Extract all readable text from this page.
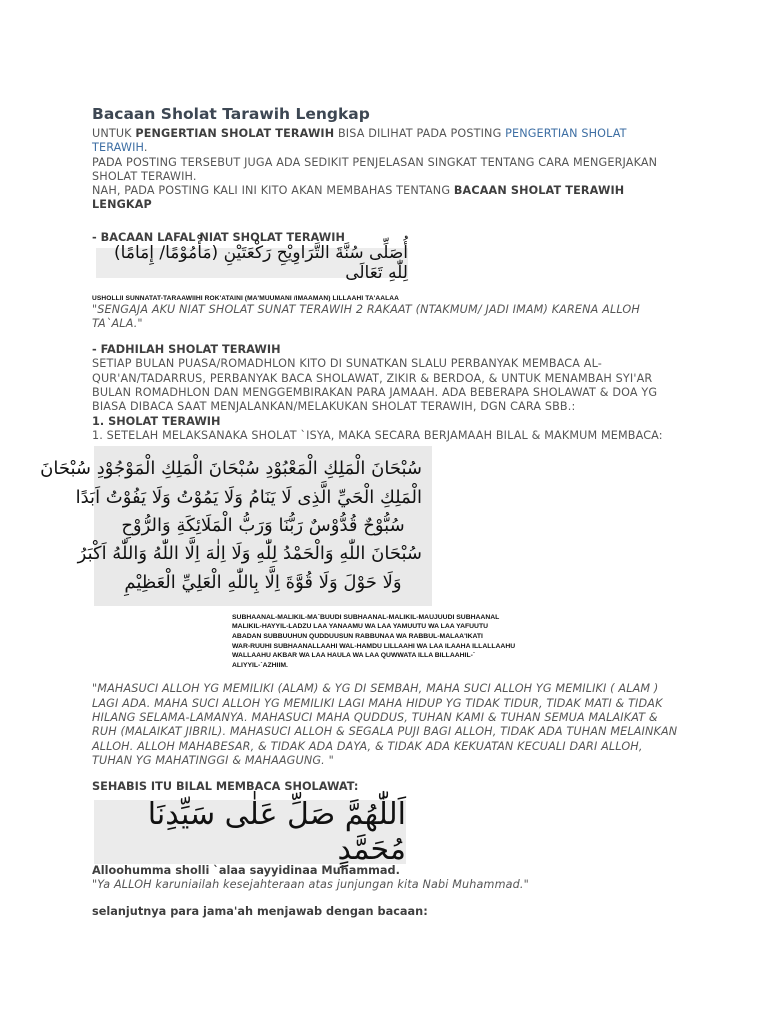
Bacaan Sholat Tarawih Lengkap

UNTUK PENGERTIAN SHOLAT TERAWIH BISA DILIHAT PADA POSTING PENGERTIAN SHOLAT TERAWIH.

PADA POSTING TERSEBUT JUGA ADA SEDIKIT PENJELASAN SINGKAT TENTANG CARA MENGERJAKAN SHOLAT TERAWIH.

NAH, PADA POSTING KALI INI KITO AKAN MEMBAHAS TENTANG BACAAN SHOLAT TERAWIH LENGKAP

- BACAAN LAFAL NIAT SHOLAT TERAWIH

أُصَلِّى سُنَّةَ التَّرَاوِيْحِ رَكْعَتَيْنِ (مَأْمُوْمًا/ إِمَامًا) لِلّٰهِ تَعَالَى
USHOLLII SUNNATAT-TARAAWIIHI ROK'ATAINI (MA'MUUMANI /IMAAMAN) LILLAAHI TA'AALAA

"SENGAJA AKU NIAT SHOLAT SUNAT TERAWIH 2 RAKAAT (NTAKMUM/ JADI IMAM) KARENA ALLOH TA`ALA."

- FADHILAH SHOLAT TERAWIH

SETIAP BULAN PUASA/ROMADHLON KITO DI SUNATKAN SLALU PERBANYAK MEMBACA AL-QUR'AN/TADARRUS, PERBANYAK BACA SHOLAWAT, ZIKIR & BERDOA, & UNTUK MENAMBAH SYI'AR BULAN ROMADHLON DAN MENGGEMBIRAKAN PARA JAMAAH. ADA BEBERAPA SHOLAWAT & DOA YG BIASA DIBACA SAAT MENJALANKAN/MELAKUKAN SHOLAT TERAWIH, DGN CARA SBB.:

1. SHOLAT TERAWIH

1. SETELAH MELAKSANAKA SHOLAT `ISYA, MAKA SECARA BERJAMAAH BILAL & MAKMUM MEMBACA:

سُبْحَانَ الْمَلِكِ الْمَعْبُوْدِ سُبْحَانَ الْمَلِكِ الْمَوْجُوْدِ سُبْحَانَ
الْمَلِكِ الْحَيِّ الَّذِى لَا يَنَامُ وَلَا يَمُوْتُ وَلَا يَفُوْتُ اَبَدًا
سُبُّوْحٌ قُدُّوْسٌ رَبُّنَا وَرَبُّ الْمَلَائِكَةِ وَالرُّوْحِ
سُبْحَانَ اللّٰهِ وَالْحَمْدُ لِلّٰهِ وَلَا اِلٰهَ اِلَّا اللّٰهُ وَاللّٰهُ اَكْبَرُ
وَلَا حَوْلَ وَلَا قُوَّةَ اِلَّا بِاللّٰهِ الْعَلِيِّ الْعَظِيْمِ
SUBHAANAL-MALIKIL-MA`BUUDI SUBHAANAL-MALIKIL-MAUJUUDI SUBHAANAL
MALIKIL-HAYYIL-LADZU LAA YANAAMU WA LAA YAMUUTU WA LAA YAFUUTU
ABADAN SUBBUUHUN QUDDUUSUN RABBUNAA WA RABBUL-MALAA'IKATI
WAR-RUUHI SUBHAANALLAAHI WAL-HAMDU LILLAAHI WA LAA ILAAHA ILLALLAAHU
WALLAAHU AKBAR WA LAA HAULA WA LAA QUWWATA ILLA BILLAAHIL-`
ALIYYIL-`AZHIIM.

"MAHASUCI ALLOH YG MEMILIKI (ALAM) & YG DI SEMBAH, MAHA SUCI ALLOH YG MEMILIKI ( ALAM ) LAGI ADA. MAHA SUCI ALLOH YG MEMILIKI LAGI MAHA HIDUP YG TIDAK TIDUR, TIDAK MATI & TIDAK HILANG SELAMA-LAMANYA. MAHASUCI MAHA QUDDUS, TUHAN KAMI & TUHAN SEMUA MALAIKAT & RUH (MALAIKAT JIBRIL). MAHASUCI ALLOH & SEGALA PUJI BAGI ALLOH, TIDAK ADA TUHAN MELAINKAN ALLOH. ALLOH MAHABESAR, & TIDAK ADA DAYA, & TIDAK ADA KEKUATAN KECUALI DARI ALLOH, TUHAN YG MAHATINGGI & MAHAAGUNG. "

SEHABIS ITU BILAL MEMBACA SHOLAWAT:

اَللّٰهُمَّ صَلِّ عَلٰى سَيِّدِنَا مُحَمَّدٍ

Alloohumma sholli `alaa sayyidinaa Muhammad.

"Ya ALLOH karuniailah kesejahteraan atas junjungan kita Nabi Muhammad."

selanjutnya para jama'ah menjawab dengan bacaan:
